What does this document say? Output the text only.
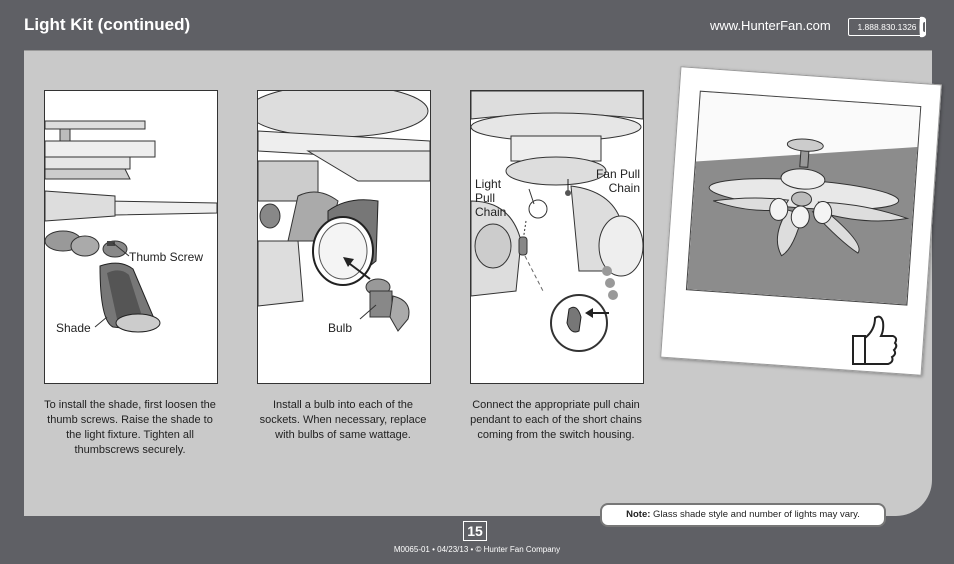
Light Kit (continued)	www.HunterFan.com	1.888.830.1326
Thumb Screw
Shade
To install the shade, first loosen the thumb screws. Raise the shade to the light fixture. Tighten all thumbscrews securely.
Bulb
Install a bulb into each of the sockets. When necessary, replace with bulbs of same wattage.
Light Pull Chain
Fan Pull Chain
Connect the appropriate pull chain pendant to each of the short chains coming from the switch housing.
Note: Glass shade style and number of lights may vary.
15
M0065-01 • 04/23/13 • © Hunter Fan Company
